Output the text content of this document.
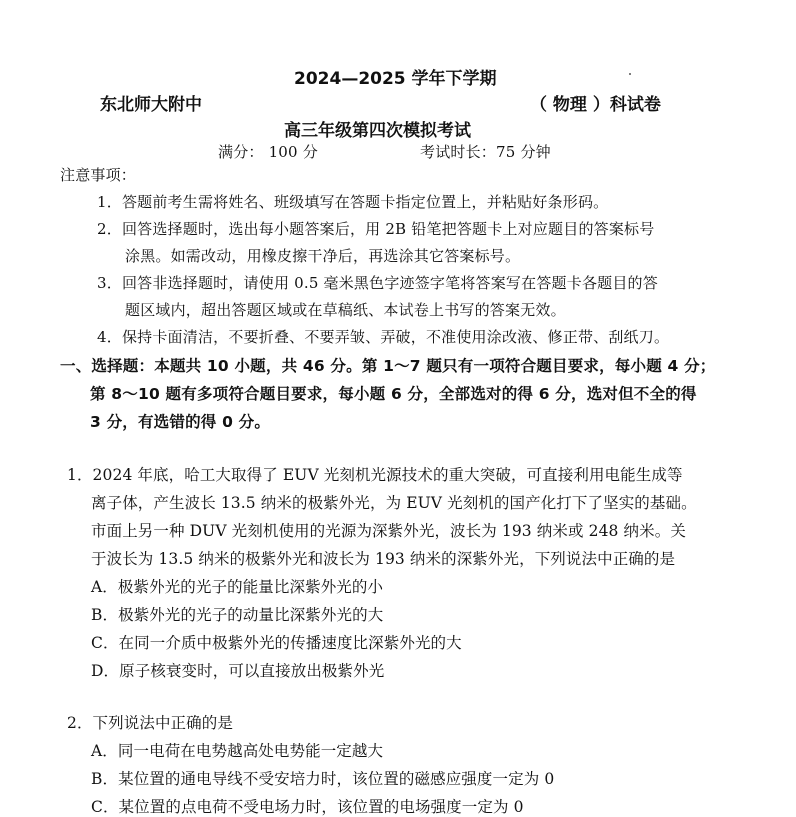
2024—2025 学年下学期
东北师大附中	（ 物理 ）科试卷
高三年级第四次模拟考试
满分： 100 分	考试时长：75 分钟
注意事项：
1．答题前考生需将姓名、班级填写在答题卡指定位置上，并粘贴好条形码。
2．回答选择题时，选出每小题答案后，用 2B 铅笔把答题卡上对应题目的答案标号
涂黑。如需改动，用橡皮擦干净后，再选涂其它答案标号。
3．回答非选择题时，请使用 0.5 毫米黑色字迹签字笔将答案写在答题卡各题目的答
题区域内，超出答题区域或在草稿纸、本试卷上书写的答案无效。
4．保持卡面清洁，不要折叠、不要弄皱、弄破，不准使用涂改液、修正带、刮纸刀。
一、选择题：本题共 10 小题，共 46 分。第 1～7 题只有一项符合题目要求，每小题 4 分；
第 8～10 题有多项符合题目要求，每小题 6 分，全部选对的得 6 分，选对但不全的得
3 分，有选错的得 0 分。
1．2024 年底，哈工大取得了 EUV 光刻机光源技术的重大突破，可直接利用电能生成等
离子体，产生波长 13.5 纳米的极紫外光，为 EUV 光刻机的国产化打下了坚实的基础。
市面上另一种 DUV 光刻机使用的光源为深紫外光，波长为 193 纳米或 248 纳米。关
于波长为 13.5 纳米的极紫外光和波长为 193 纳米的深紫外光，下列说法中正确的是
A．极紫外光的光子的能量比深紫外光的小
B．极紫外光的光子的动量比深紫外光的大
C．在同一介质中极紫外光的传播速度比深紫外光的大
D．原子核衰变时，可以直接放出极紫外光
2．下列说法中正确的是
A．同一电荷在电势越高处电势能一定越大
B．某位置的通电导线不受安培力时，该位置的磁感应强度一定为 0
C．某位置的点电荷不受电场力时，该位置的电场强度一定为 0
